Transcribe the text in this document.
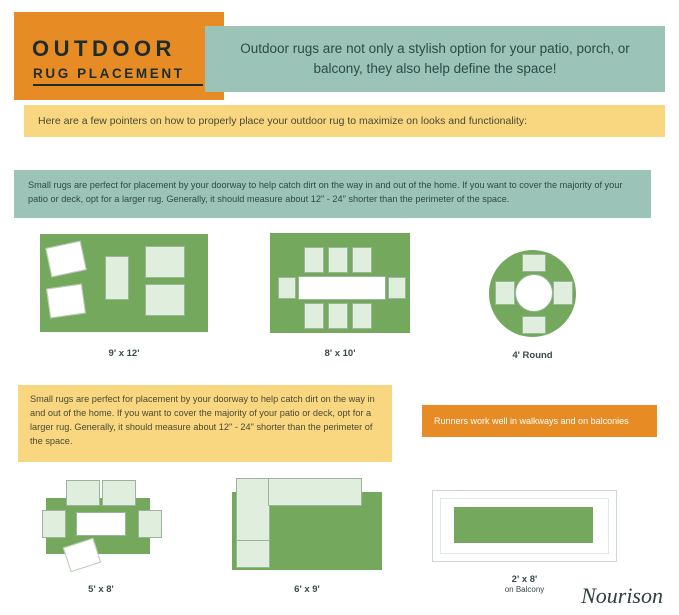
OUTDOOR
RUG PLACEMENT

Outdoor rugs are not only a stylish option for your patio, porch, or balcony, they also help define the space!

Here are a few pointers on how to properly place your outdoor rug to maximize on looks and functionality:

Small rugs are perfect for placement by your doorway to help catch dirt on the way in and out of the home. If you want to cover the majority of your patio or deck, opt for a larger rug. Generally, it should measure about 12" - 24" shorter than the perimeter of the space.

9' x 12'	8' x 10'	4' Round

Small rugs are perfect for placement by your doorway to help catch dirt on the way in and out of the home. If you want to cover the majority of your patio or deck, opt for a larger rug. Generally, it should measure about 12" - 24" shorter than the perimeter of the space.

Runners work well in walkways and on balconies

5' x 8'	6' x 9'
2' x 8'
on Balcony	Nourison
